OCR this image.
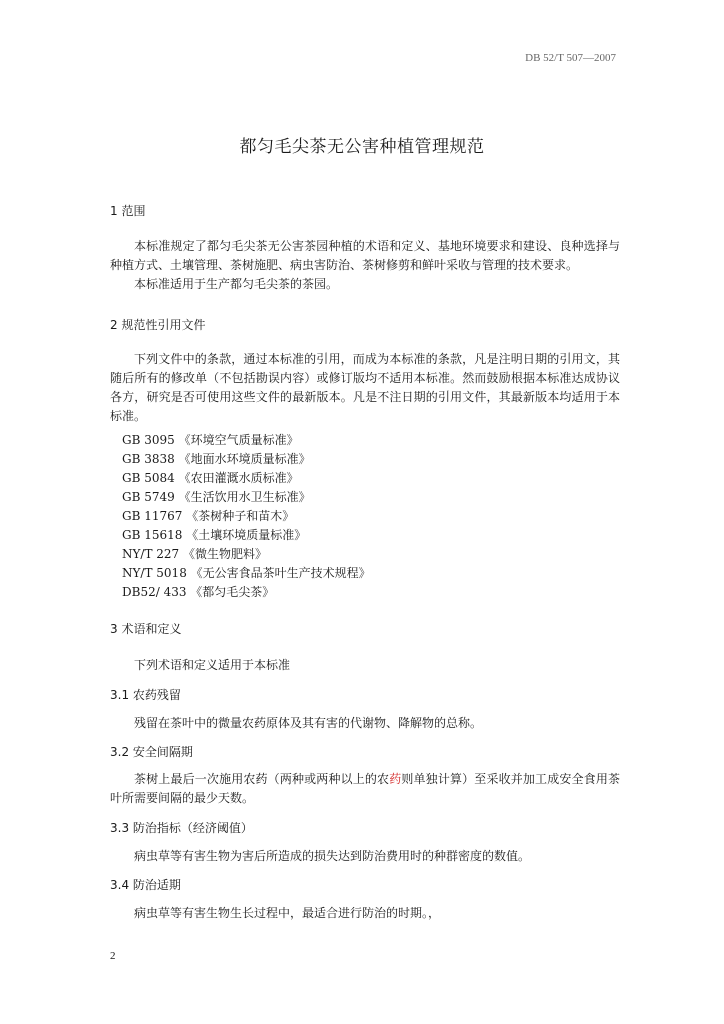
DB 52/T 507—2007
都匀毛尖茶无公害种植管理规范
1 范围

本标准规定了都匀毛尖茶无公害茶园种植的术语和定义、基地环境要求和建设、良种选择与种植方式、土壤管理、茶树施肥、病虫害防治、茶树修剪和鲜叶采收与管理的技术要求。

本标准适用于生产都匀毛尖茶的茶园。

2 规范性引用文件

下列文件中的条款，通过本标准的引用，而成为本标准的条款，凡是注明日期的引用文，其随后所有的修改单（不包括勘误内容）或修订版均不适用本标准。然而鼓励根据本标准达成协议各方，研究是否可使用这些文件的最新版本。凡是不注日期的引用文件，其最新版本均适用于本标准。

GB 3095 《环境空气质量标准》
GB 3838 《地面水环境质量标准》
GB 5084 《农田灌溉水质标准》
GB 5749 《生活饮用水卫生标准》
GB 11767 《茶树种子和苗木》
GB 15618 《土壤环境质量标准》
NY/T 227 《微生物肥料》
NY/T 5018 《无公害食品茶叶生产技术规程》
DB52/ 433 《都匀毛尖茶》
3 术语和定义

下列术语和定义适用于本标准

3.1 农药残留

残留在茶叶中的微量农药原体及其有害的代谢物、降解物的总称。

3.2 安全间隔期

茶树上最后一次施用农药（两种或两种以上的农药则单独计算）至采收并加工成安全食用茶叶所需要间隔的最少天数。

3.3 防治指标（经济阈值）

病虫草等有害生物为害后所造成的损失达到防治费用时的种群密度的数值。

3.4 防治适期

病虫草等有害生物生长过程中，最适合进行防治的时期。，

2
